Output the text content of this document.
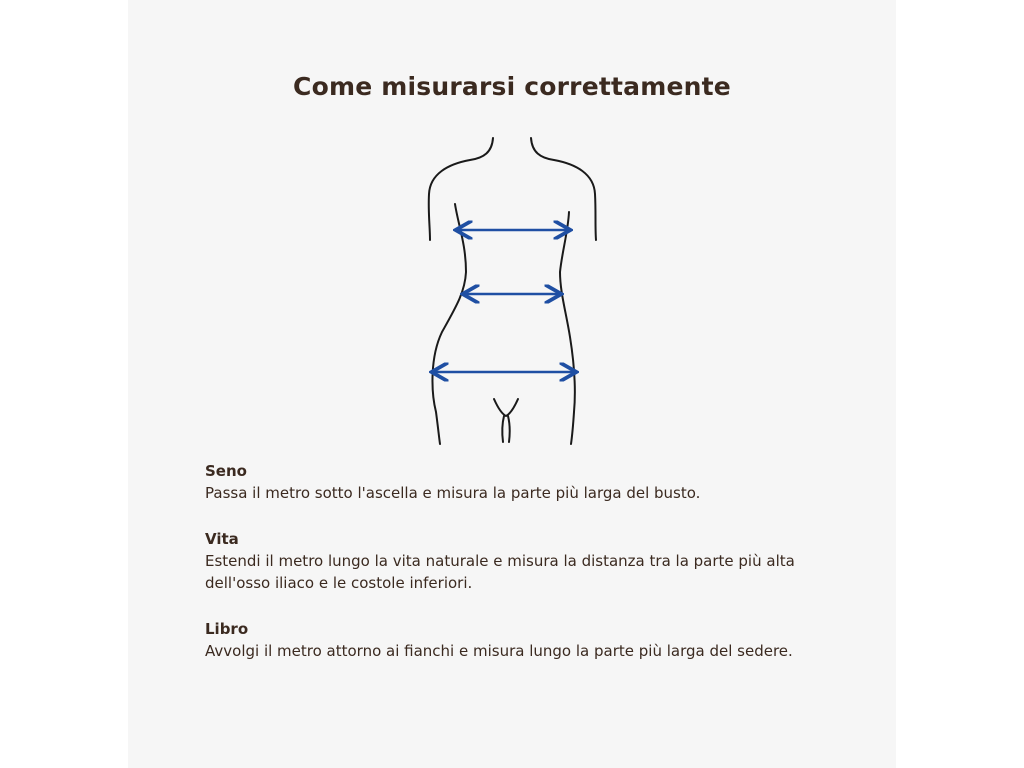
Come misurarsi correttamente
Seno
Passa il metro sotto l'ascella e misura la parte più larga del busto.
Vita
Estendi il metro lungo la vita naturale e misura la distanza tra la parte più alta dell'osso iliaco e le costole inferiori.
Libro
Avvolgi il metro attorno ai fianchi e misura lungo la parte più larga del sedere.
